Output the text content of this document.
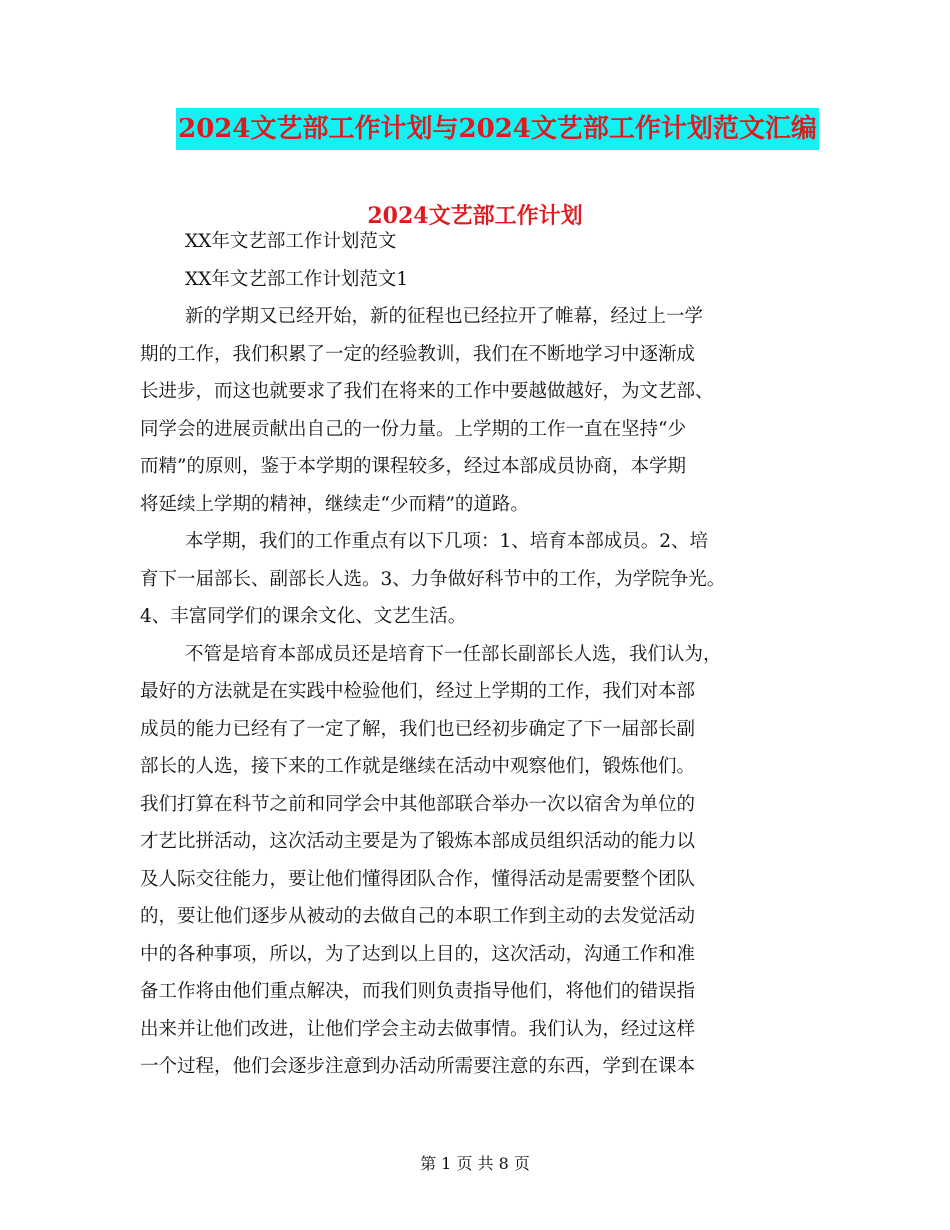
2024文艺部工作计划与2024文艺部工作计划范文汇编
2024文艺部工作计划
XX年文艺部工作计划范文
XX年文艺部工作计划范文1
新的学期又已经开始，新的征程也已经拉开了帷幕，经过上一学
期的工作，我们积累了一定的经验教训，我们在不断地学习中逐渐成
长进步，而这也就要求了我们在将来的工作中要越做越好，为文艺部、
同学会的进展贡献出自己的一份力量。上学期的工作一直在坚持“少
而精”的原则，鉴于本学期的课程较多，经过本部成员协商，本学期
将延续上学期的精神，继续走“少而精”的道路。
本学期，我们的工作重点有以下几项：1、培育本部成员。2、培
育下一届部长、副部长人选。3、力争做好科节中的工作，为学院争光。
4、丰富同学们的课余文化、文艺生活。
不管是培育本部成员还是培育下一任部长副部长人选，我们认为，
最好的方法就是在实践中检验他们，经过上学期的工作，我们对本部
成员的能力已经有了一定了解，我们也已经初步确定了下一届部长副
部长的人选，接下来的工作就是继续在活动中观察他们，锻炼他们。
我们打算在科节之前和同学会中其他部联合举办一次以宿舍为单位的
才艺比拼活动，这次活动主要是为了锻炼本部成员组织活动的能力以
及人际交往能力，要让他们懂得团队合作，懂得活动是需要整个团队
的，要让他们逐步从被动的去做自己的本职工作到主动的去发觉活动
中的各种事项，所以，为了达到以上目的，这次活动，沟通工作和准
备工作将由他们重点解决，而我们则负责指导他们，将他们的错误指
出来并让他们改进，让他们学会主动去做事情。我们认为，经过这样
一个过程，他们会逐步注意到办活动所需要注意的东西，学到在课本
第 1 页 共 8 页
